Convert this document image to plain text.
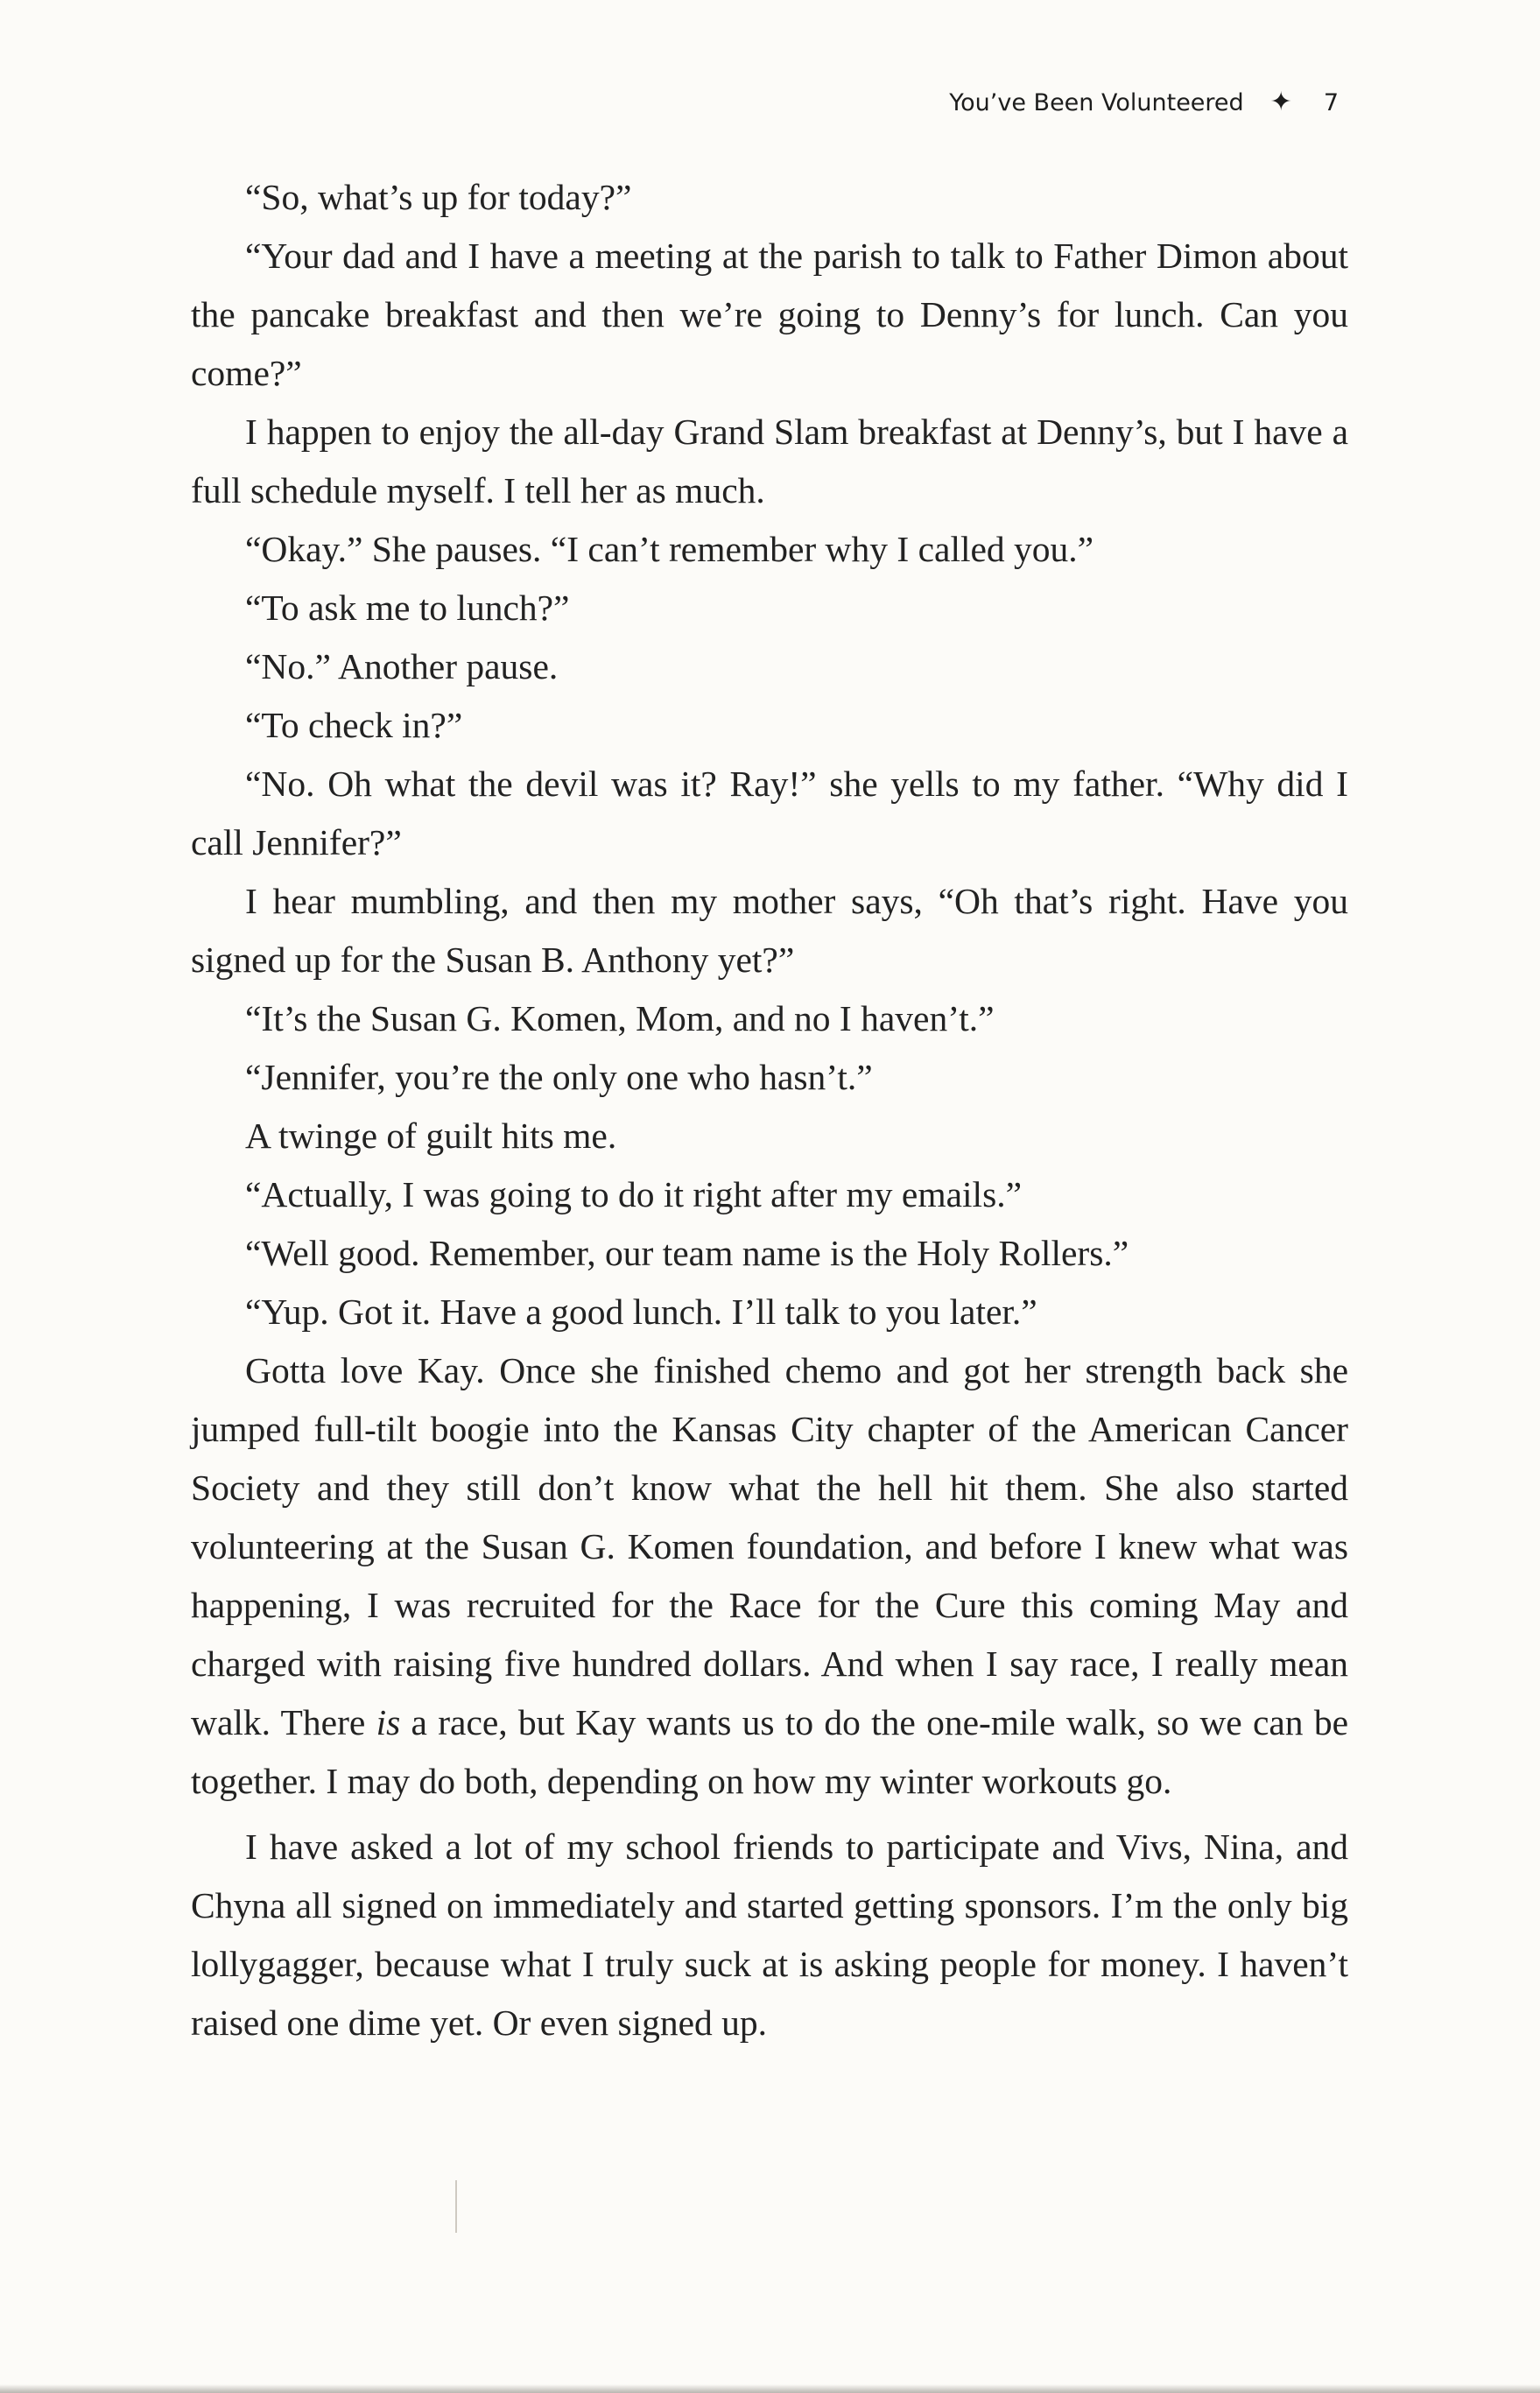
You’ve Been Volunteered ✦ 7

“So, what’s up for today?”

“Your dad and I have a meeting at the parish to talk to Father Dimon about the pancake breakfast and then we’re going to Denny’s for lunch. Can you come?”

I happen to enjoy the all-day Grand Slam breakfast at Denny’s, but I have a full schedule myself. I tell her as much.

“Okay.” She pauses. “I can’t remember why I called you.”

“To ask me to lunch?”

“No.” Another pause.

“To check in?”

“No. Oh what the devil was it? Ray!” she yells to my father. “Why did I call Jennifer?”

I hear mumbling, and then my mother says, “Oh that’s right. Have you signed up for the Susan B. Anthony yet?”

“It’s the Susan G. Komen, Mom, and no I haven’t.”

“Jennifer, you’re the only one who hasn’t.”

A twinge of guilt hits me.

“Actually, I was going to do it right after my emails.”

“Well good. Remember, our team name is the Holy Rollers.”

“Yup. Got it. Have a good lunch. I’ll talk to you later.”

Gotta love Kay. Once she finished chemo and got her strength back she jumped full-tilt boogie into the Kansas City chapter of the American Cancer Society and they still don’t know what the hell hit them. She also started volunteering at the Susan G. Komen foundation, and before I knew what was happening, I was recruited for the Race for the Cure this coming May and charged with raising five hundred dollars. And when I say race, I really mean walk. There is a race, but Kay wants us to do the one-mile walk, so we can be together. I may do both, depending on how my winter workouts go.

I have asked a lot of my school friends to participate and Vivs, Nina, and Chyna all signed on immediately and started getting sponsors. I’m the only big lollygagger, because what I truly suck at is asking people for money. I haven’t raised one dime yet. Or even signed up.
